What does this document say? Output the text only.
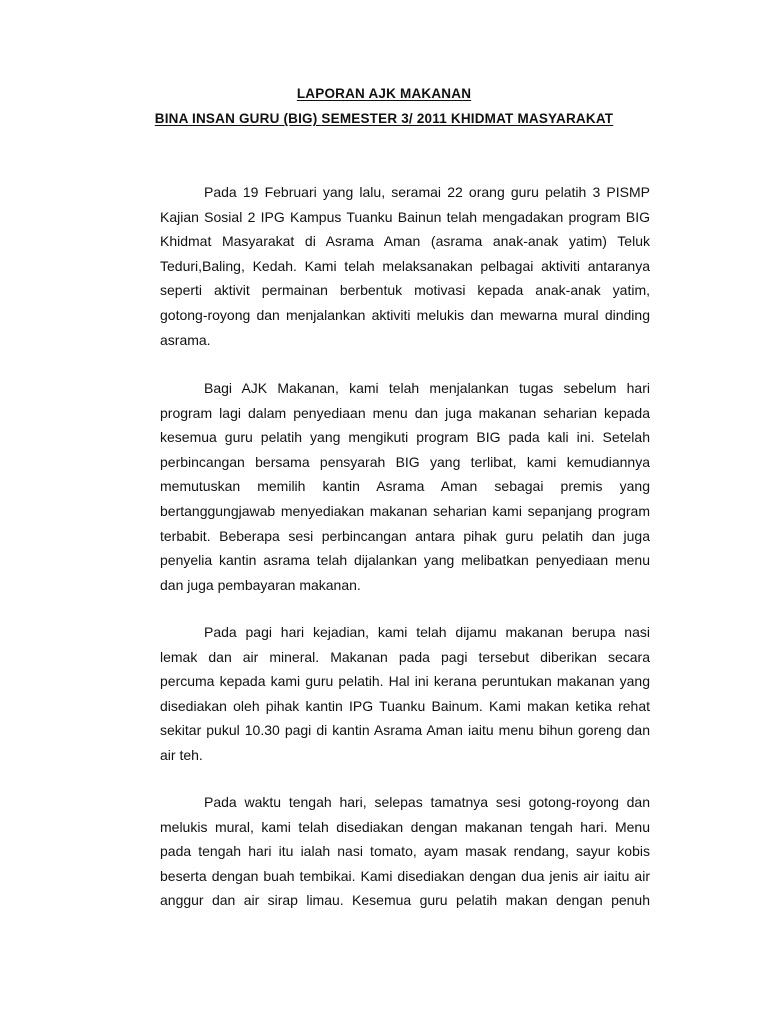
LAPORAN AJK MAKANAN
BINA INSAN GURU (BIG) SEMESTER 3/ 2011 KHIDMAT MASYARAKAT
Pada 19 Februari yang lalu, seramai 22 orang guru pelatih 3 PISMP
Kajian Sosial 2 IPG Kampus Tuanku Bainun telah mengadakan program BIG
Khidmat Masyarakat di Asrama Aman (asrama anak-anak yatim) Teluk
Teduri,Baling, Kedah. Kami telah melaksanakan pelbagai aktiviti antaranya
seperti aktivit permainan berbentuk motivasi kepada anak-anak yatim,
gotong-royong dan menjalankan aktiviti melukis dan mewarna mural dinding
asrama.
Bagi AJK Makanan, kami telah menjalankan tugas sebelum hari
program lagi dalam penyediaan menu dan juga makanan seharian kepada
kesemua guru pelatih yang mengikuti program BIG pada kali ini. Setelah
perbincangan bersama pensyarah BIG yang terlibat, kami kemudiannya
memutuskan memilih kantin Asrama Aman sebagai premis yang
bertanggungjawab menyediakan makanan seharian kami sepanjang program
terbabit. Beberapa sesi perbincangan antara pihak guru pelatih dan juga
penyelia kantin asrama telah dijalankan yang melibatkan penyediaan menu
dan juga pembayaran makanan.
Pada pagi hari kejadian, kami telah dijamu makanan berupa nasi
lemak dan air mineral. Makanan pada pagi tersebut diberikan secara
percuma kepada kami guru pelatih. Hal ini kerana peruntukan makanan yang
disediakan oleh pihak kantin IPG Tuanku Bainum. Kami makan ketika rehat
sekitar pukul 10.30 pagi di kantin Asrama Aman iaitu menu bihun goreng dan
air teh.
Pada waktu tengah hari, selepas tamatnya sesi gotong-royong dan
melukis mural, kami telah disediakan dengan makanan tengah hari. Menu
pada tengah hari itu ialah nasi tomato, ayam masak rendang, sayur kobis
beserta dengan buah tembikai. Kami disediakan dengan dua jenis air iaitu air
anggur dan air sirap limau. Kesemua guru pelatih makan dengan penuh
